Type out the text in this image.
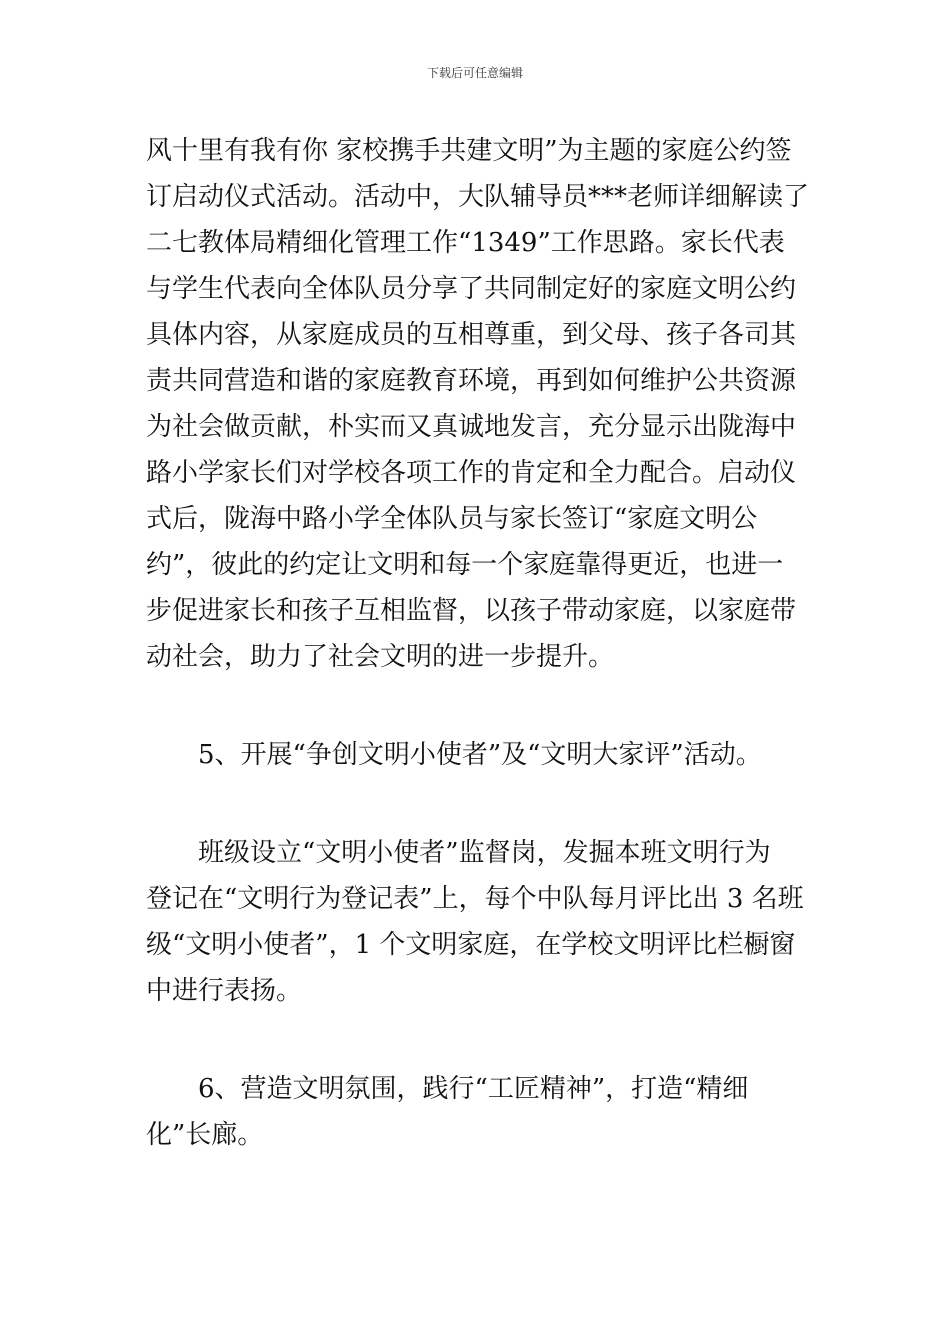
下载后可任意编辑
风十里有我有你 家校携手共建文明”为主题的家庭公约签
订启动仪式活动。活动中，大队辅导员***老师详细解读了
二七教体局精细化管理工作“1349”工作思路。家长代表
与学生代表向全体队员分享了共同制定好的家庭文明公约
具体内容，从家庭成员的互相尊重，到父母、孩子各司其
责共同营造和谐的家庭教育环境，再到如何维护公共资源
为社会做贡献，朴实而又真诚地发言，充分显示出陇海中
路小学家长们对学校各项工作的肯定和全力配合。启动仪
式后，陇海中路小学全体队员与家长签订“家庭文明公
约”，彼此的约定让文明和每一个家庭靠得更近，也进一
步促进家长和孩子互相监督，以孩子带动家庭，以家庭带
动社会，助力了社会文明的进一步提升。
5、开展“争创文明小使者”及“文明大家评”活动。
班级设立“文明小使者”监督岗，发掘本班文明行为
登记在“文明行为登记表”上，每个中队每月评比出 3 名班
级“文明小使者”，1 个文明家庭，在学校文明评比栏橱窗
中进行表扬。
6、营造文明氛围，践行“工匠精神”，打造“精细
化”长廊。
